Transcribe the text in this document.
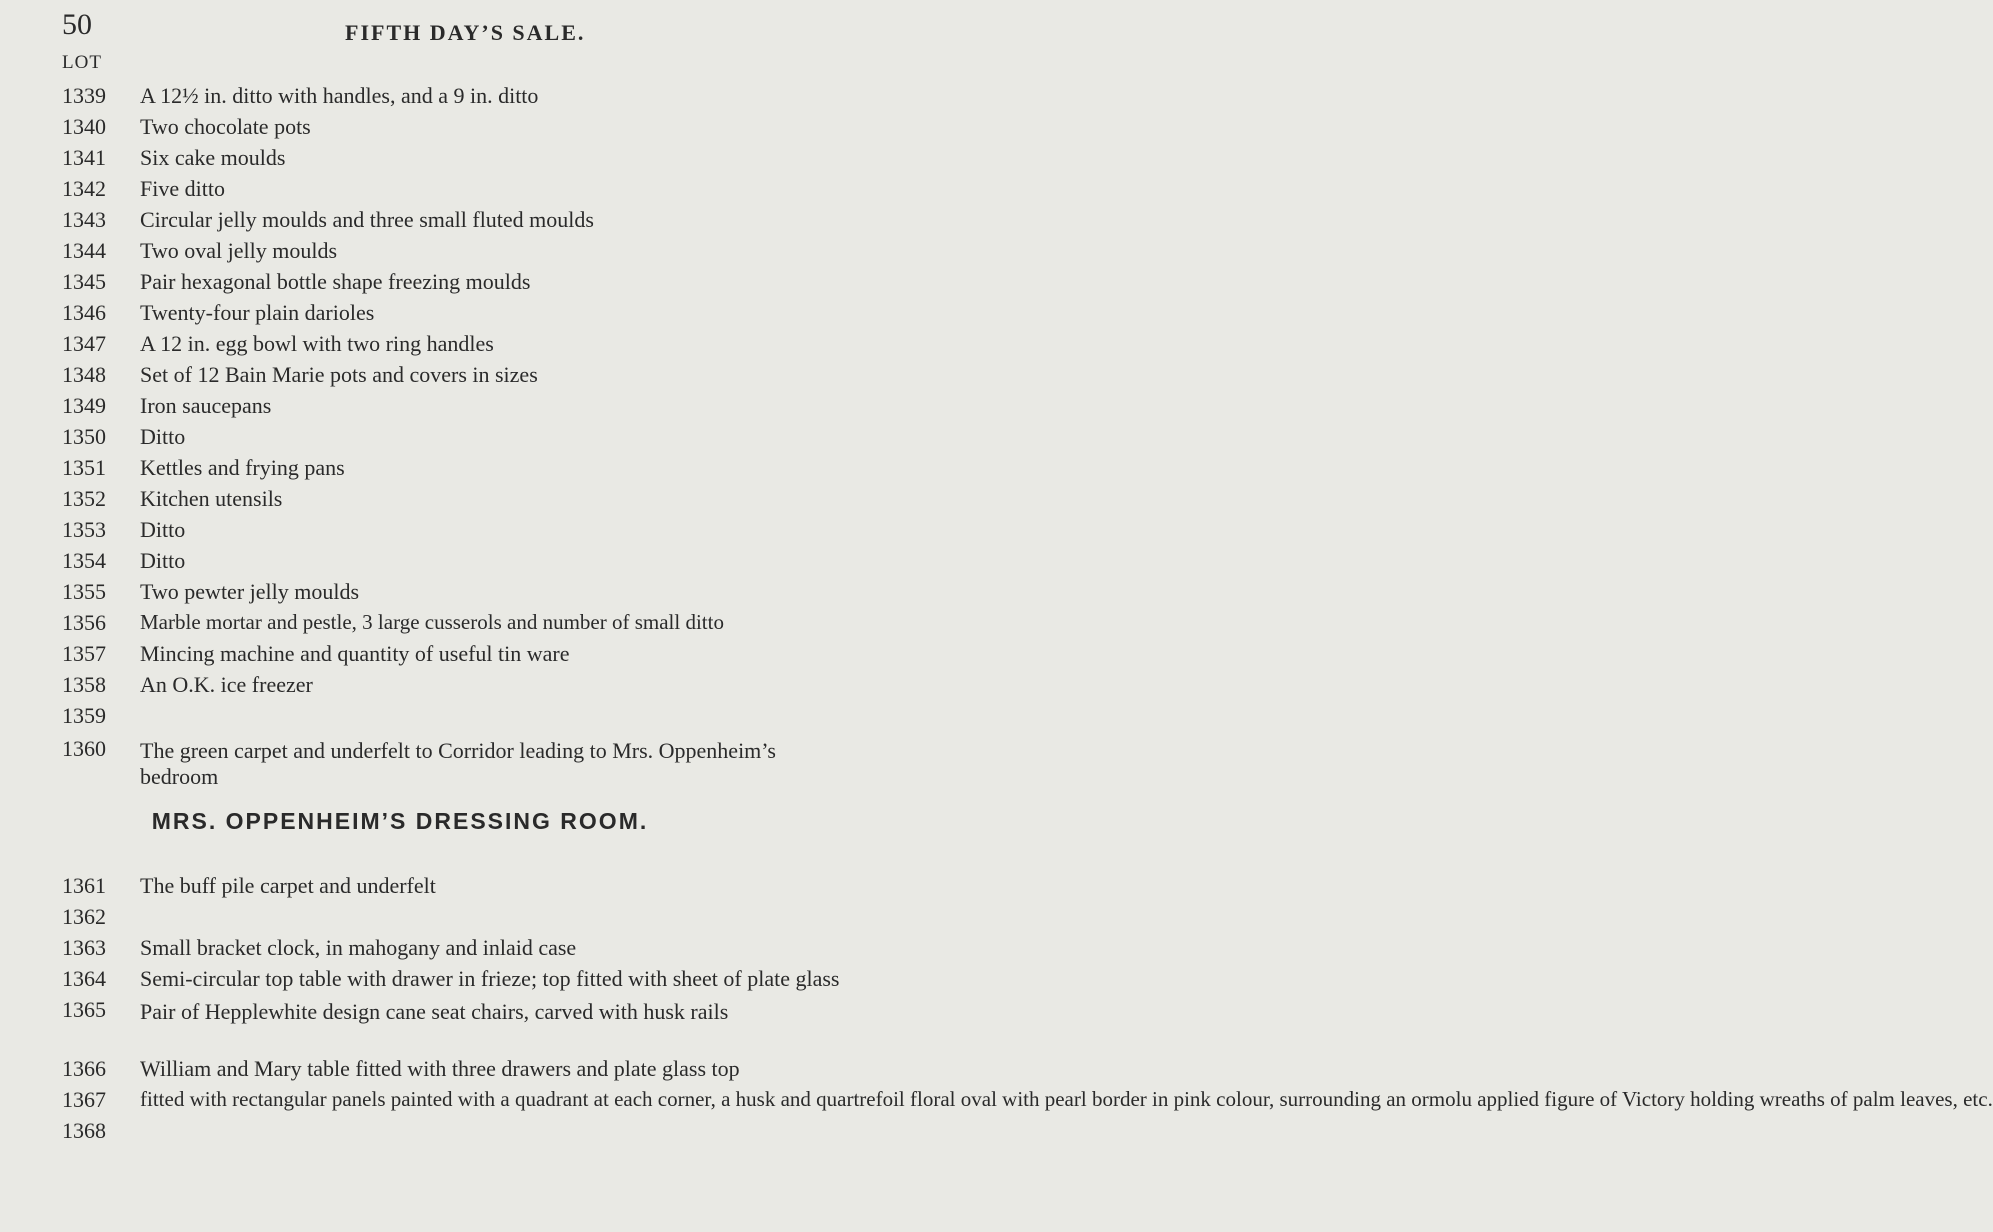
50	FIFTH DAY’S SALE.
LOT
1339	A 12½ in. ditto with handles, and a 9 in. ditto
1340	Two chocolate pots
1341	Six cake moulds
1342	Five ditto
1343	Circular jelly moulds and three small fluted moulds
1344	Two oval jelly moulds
1345	Pair hexagonal bottle shape freezing moulds
1346	Twenty-four plain darioles
1347	A 12 in. egg bowl with two ring handles
1348	Set of 12 Bain Marie pots and covers in sizes
1349	Iron saucepans
1350	Ditto
1351	Kettles and frying pans
1352	Kitchen utensils
1353	Ditto
1354	Ditto
1355	Two pewter jelly moulds
1356	Marble mortar and pestle, 3 large cusserols and number of small ditto
1357	Mincing machine and quantity of useful tin ware
1358	An O.K. ice freezer
1359
1360	The green carpet and underfelt to Corridor leading to Mrs. Oppenheim’s bedroom
MRS. OPPENHEIM’S DRESSING ROOM.
1361	The buff pile carpet and underfelt
1362
1363	Small bracket clock, in mahogany and inlaid case
1364	Semi-circular top table with drawer in frieze; top fitted with sheet of plate glass
1365	Pair of Hepplewhite design cane seat chairs, carved with husk rails
1366	William and Mary table fitted with three drawers and plate glass top
1367	fitted with rectangular panels painted with a quadrant at each corner, a husk and quartrefoil floral oval with pearl border in pink colour, surrounding an ormolu applied figure of Victory holding wreaths of palm leaves, etc.
1368
